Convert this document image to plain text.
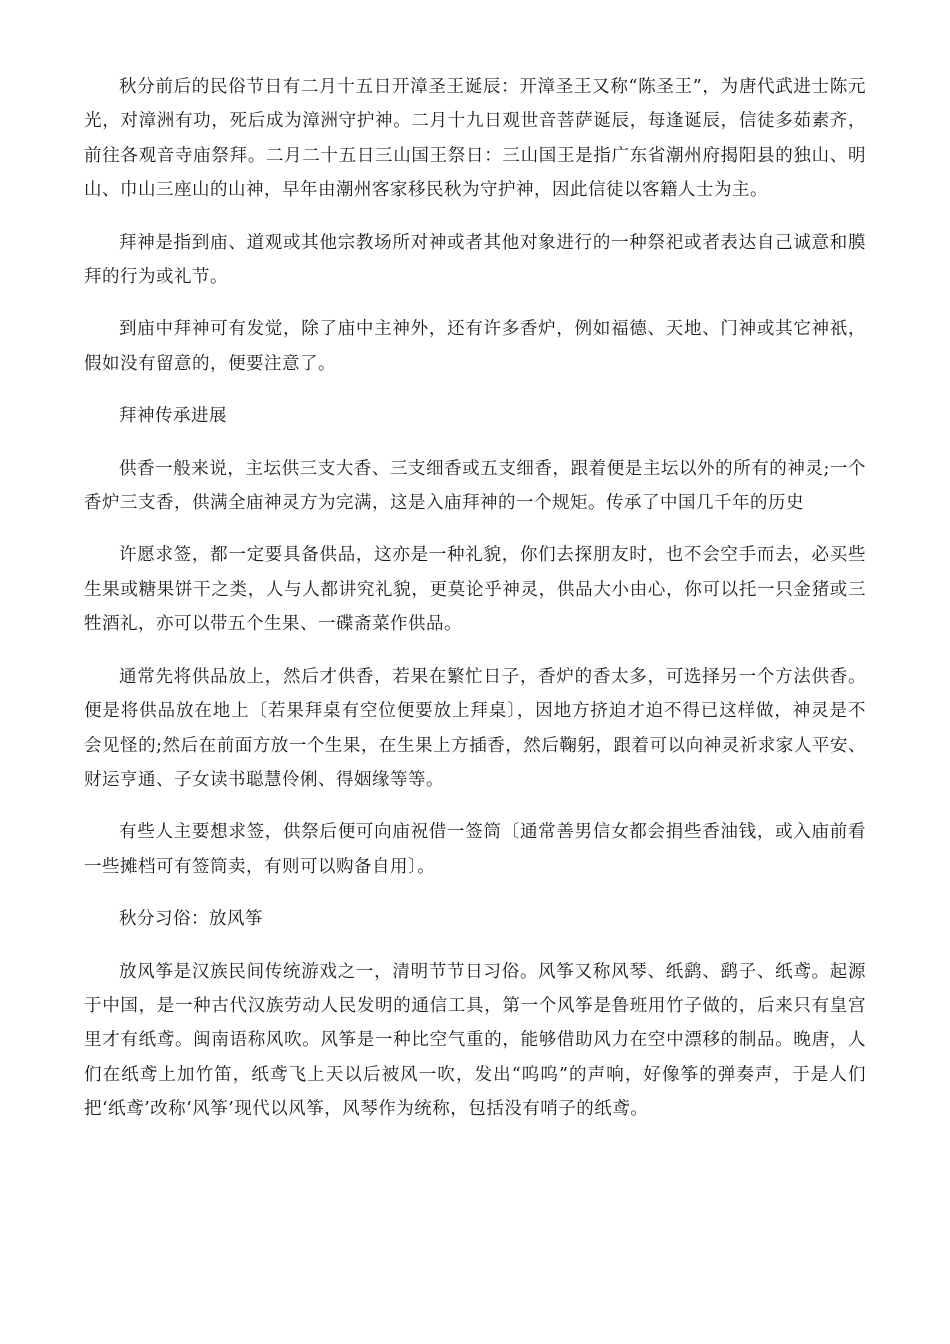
秋分前后的民俗节日有二月十五日开漳圣王诞辰：开漳圣王又称“陈圣王”，为唐代武进士陈元光，对漳洲有功，死后成为漳洲守护神。二月十九日观世音菩萨诞辰，每逢诞辰，信徒多茹素齐，前往各观音寺庙祭拜。二月二十五日三山国王祭日：三山国王是指广东省潮州府揭阳县的独山、明山、巾山三座山的山神，早年由潮州客家移民秋为守护神，因此信徒以客籍人士为主。

拜神是指到庙、道观或其他宗教场所对神或者其他对象进行的一种祭祀或者表达自己诚意和膜拜的行为或礼节。

到庙中拜神可有发觉，除了庙中主神外，还有许多香炉，例如福德、天地、门神或其它神祇，假如没有留意的，便要注意了。

拜神传承进展

供香一般来说，主坛供三支大香、三支细香或五支细香，跟着便是主坛以外的所有的神灵;一个香炉三支香，供满全庙神灵方为完满，这是入庙拜神的一个规矩。传承了中国几千年的历史

许愿求签，都一定要具备供品，这亦是一种礼貌，你们去探朋友时，也不会空手而去，必买些生果或糖果饼干之类，人与人都讲究礼貌，更莫论乎神灵，供品大小由心，你可以托一只金猪或三牲酒礼，亦可以带五个生果、一碟斋菜作供品。

通常先将供品放上，然后才供香，若果在繁忙日子，香炉的香太多，可选择另一个方法供香。便是将供品放在地上〔若果拜桌有空位便要放上拜桌〕，因地方挤迫才迫不得已这样做，神灵是不会见怪的;然后在前面方放一个生果，在生果上方插香，然后鞠躬，跟着可以向神灵祈求家人平安、财运亨通、子女读书聪慧伶俐、得姻缘等等。

有些人主要想求签，供祭后便可向庙祝借一签筒〔通常善男信女都会捐些香油钱，或入庙前看一些摊档可有签筒卖，有则可以购备自用〕。

秋分习俗：放风筝

放风筝是汉族民间传统游戏之一，清明节节日习俗。风筝又称风琴、纸鹞、鹞子、纸鸢。起源于中国，是一种古代汉族劳动人民发明的通信工具，第一个风筝是鲁班用竹子做的，后来只有皇宫里才有纸鸢。闽南语称风吹。风筝是一种比空气重的，能够借助风力在空中漂移的制品。晚唐，人们在纸鸢上加竹笛，纸鸢飞上天以后被风一吹，发出“呜呜”的声响，好像筝的弹奏声，于是人们把‘纸鸢’改称‘风筝’现代以风筝，风琴作为统称，包括没有哨子的纸鸢。
